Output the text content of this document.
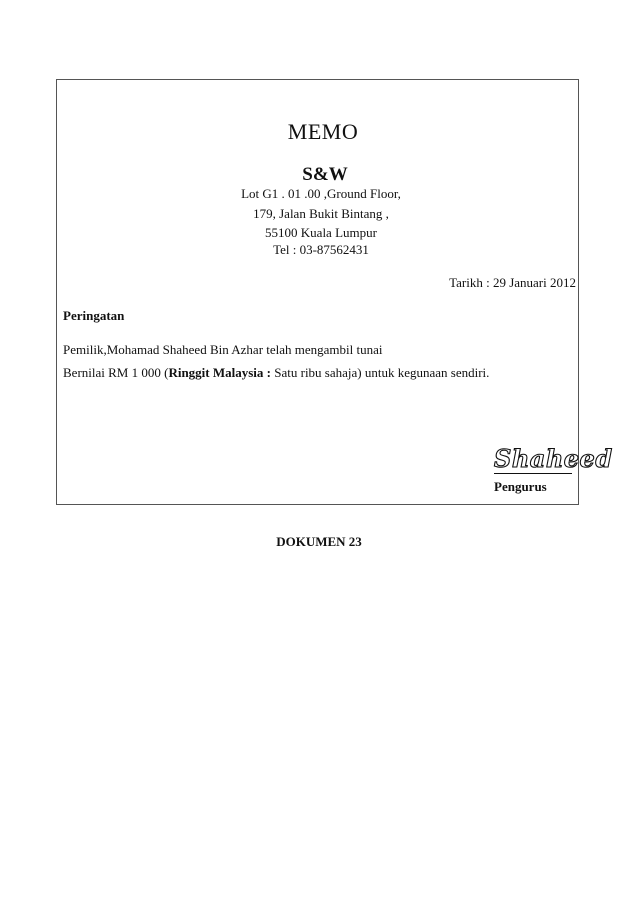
MEMO
S&W
Lot G1 . 01 .00 ,Ground Floor,
179, Jalan Bukit Bintang ,
55100 Kuala Lumpur
Tel : 03-87562431
Tarikh : 29 Januari 2012
Peringatan
Pemilik,Mohamad Shaheed Bin Azhar telah mengambil tunai
Bernilai RM 1 000 (Ringgit Malaysia : Satu ribu sahaja) untuk kegunaan sendiri.
Shaheed
Pengurus
DOKUMEN 23
